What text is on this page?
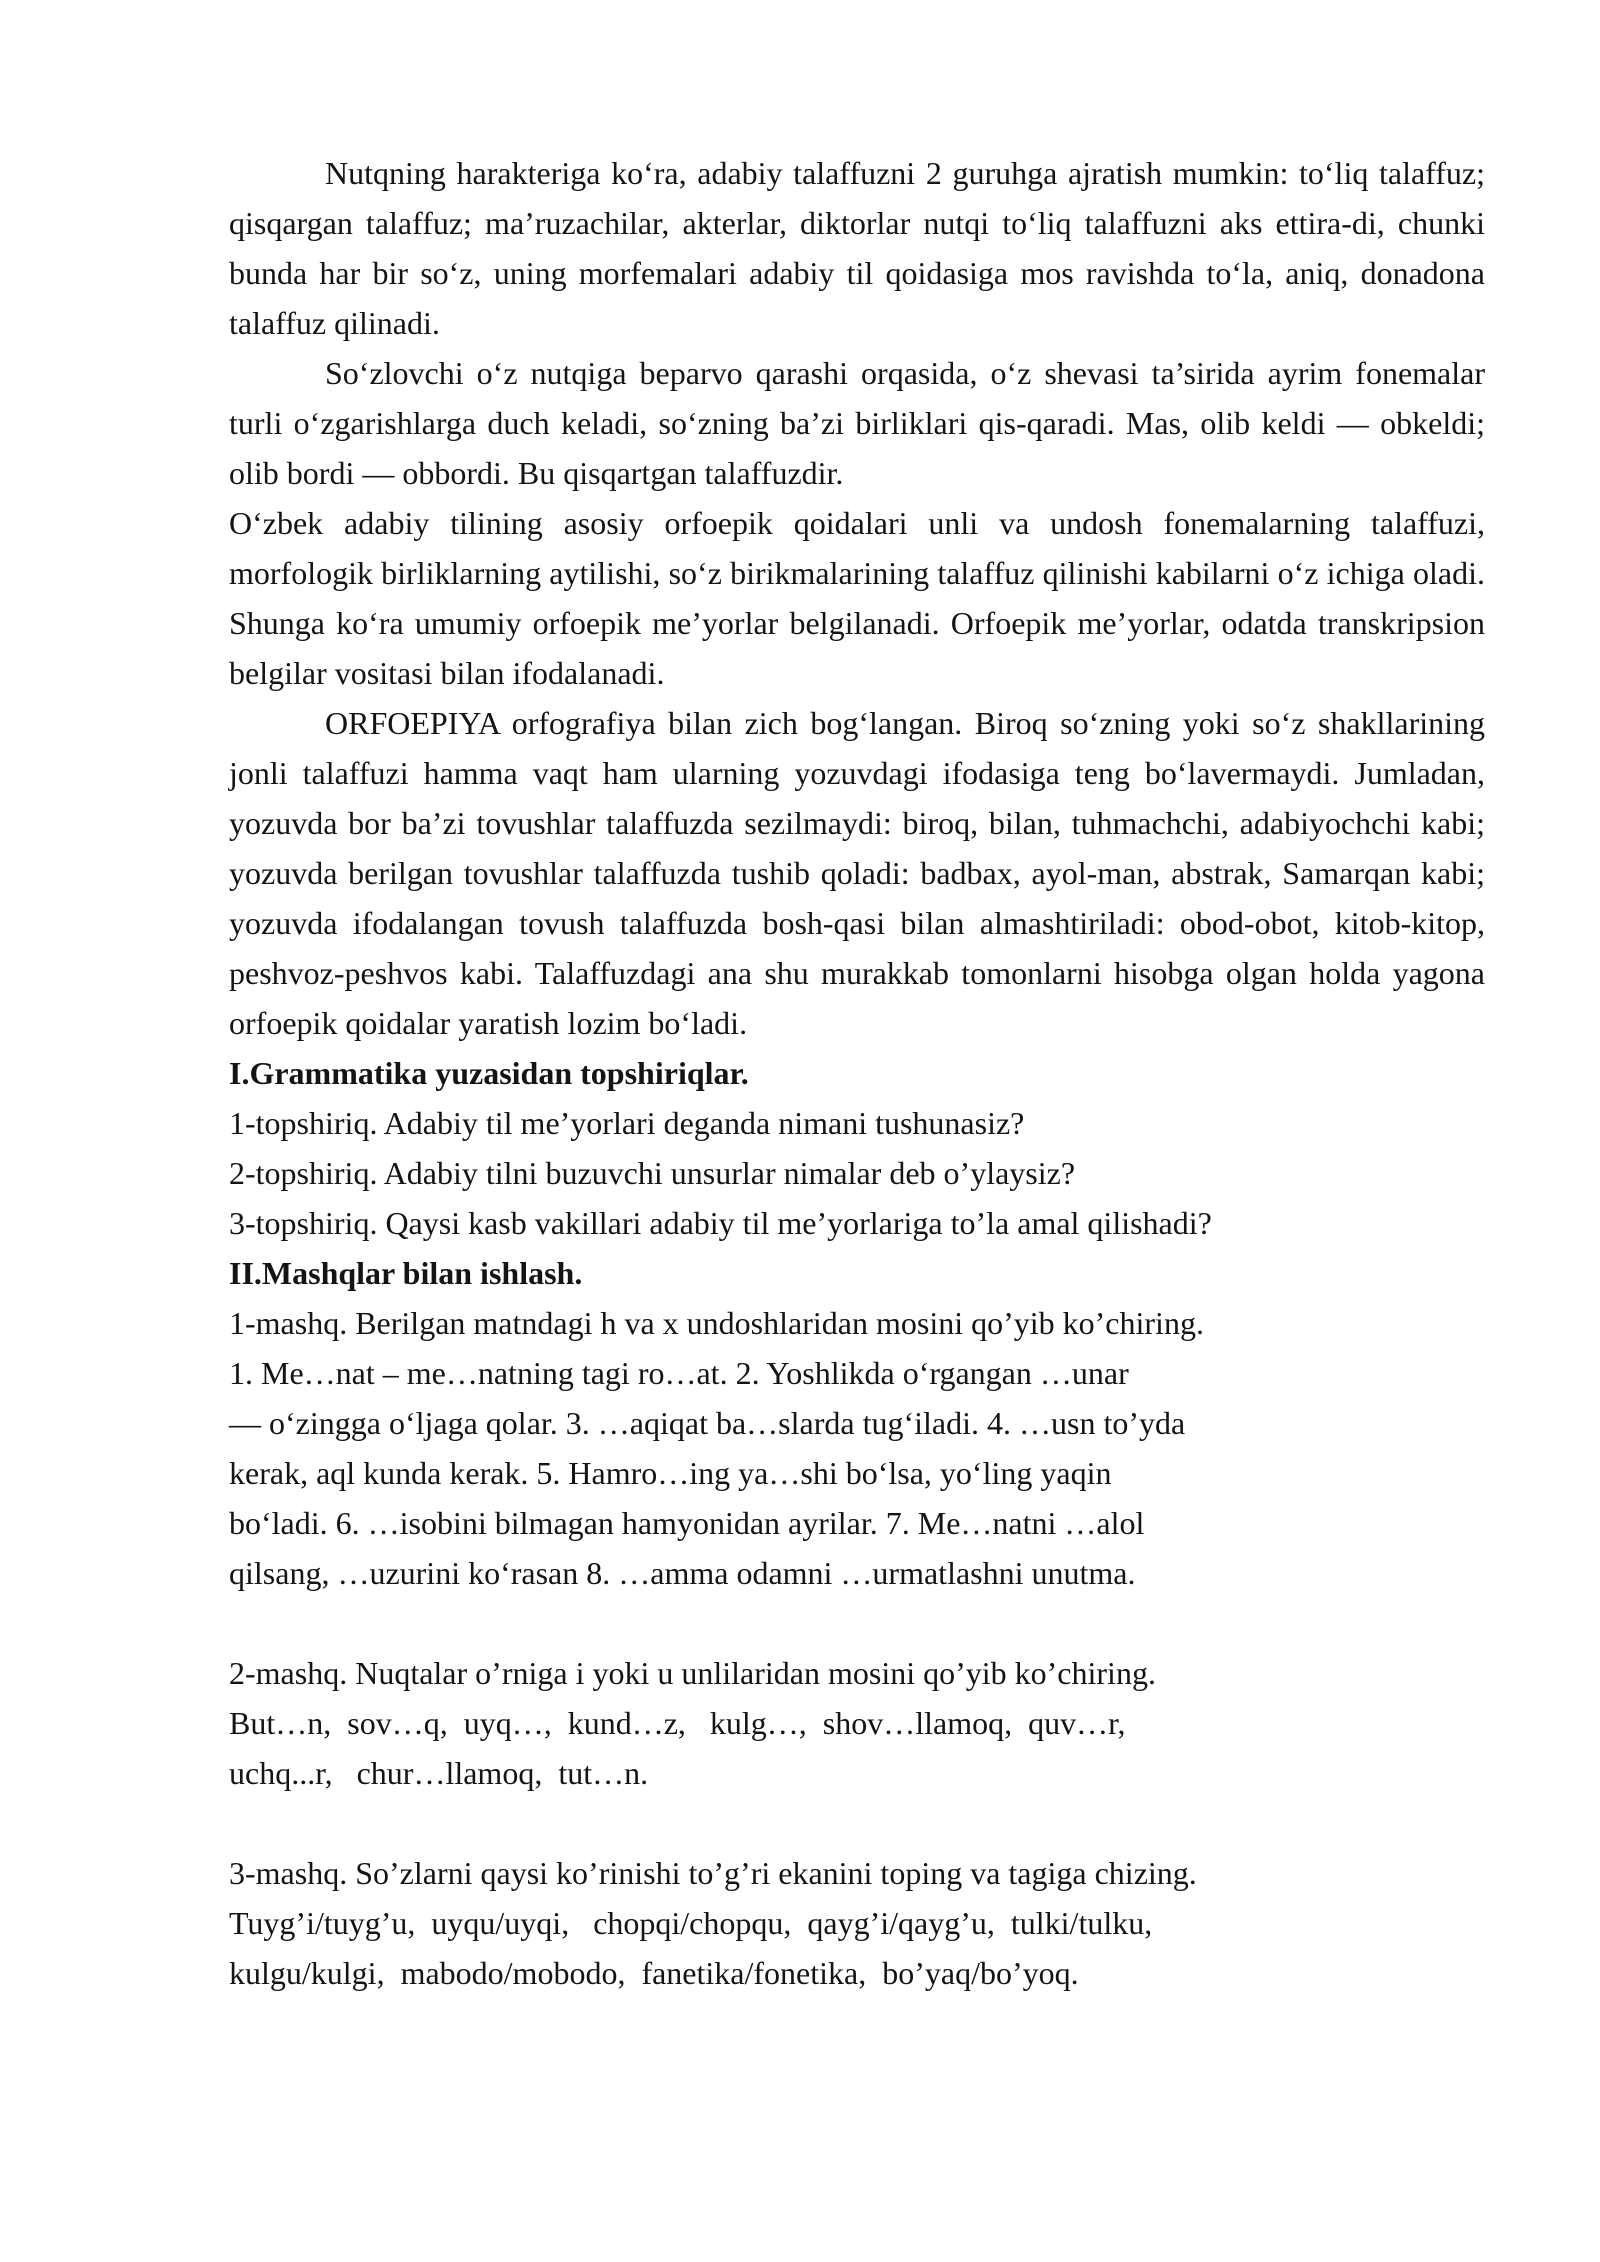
Nutqning harakteriga ko‘ra, adabiy talaffuzni 2 guruhga ajratish mumkin: to‘liq talaffuz; qisqargan talaffuz; ma’ruzachilar, akterlar, diktorlar nutqi to‘liq talaffuzni aks ettira-di, chunki bunda har bir so‘z, uning morfemalari adabiy til qoidasiga mos ravishda to‘la, aniq, donadona talaffuz qilinadi.

So‘zlovchi o‘z nutqiga beparvo qarashi orqasida, o‘z shevasi ta’sirida ayrim fonemalar turli o‘zgarishlarga duch keladi, so‘zning ba’zi birliklari qis-qaradi. Mas, olib keldi — obkeldi; olib bordi — obbordi. Bu qisqartgan talaffuzdir.

O‘zbek adabiy tilining asosiy orfoepik qoidalari unli va undosh fonemalarning talaffuzi, morfologik birliklarning aytilishi, so‘z birikmalarining talaffuz qilinishi kabilarni o‘z ichiga oladi. Shunga ko‘ra umumiy orfoepik me’yorlar belgilanadi. Orfoepik me’yorlar, odatda transkripsion belgilar vositasi bilan ifodalanadi.

ORFOEPIYA orfografiya bilan zich bog‘langan. Biroq so‘zning yoki so‘z shakllarining jonli talaffuzi hamma vaqt ham ularning yozuvdagi ifodasiga teng bo‘lavermaydi. Jumladan, yozuvda bor ba’zi tovushlar talaffuzda sezilmaydi: biroq, bilan, tuhmachchi, adabiyochchi kabi; yozuvda berilgan tovushlar talaffuzda tushib qoladi: badbax, ayol-man, abstrak, Samarqan kabi; yozuvda ifodalangan tovush talaffuzda bosh-qasi bilan almashtiriladi: obod-obot, kitob-kitop, peshvoz-peshvos kabi. Talaffuzdagi ana shu murakkab tomonlarni hisobga olgan holda yagona orfoepik qoidalar yaratish lozim bo‘ladi.

I.Grammatika yuzasidan topshiriqlar.

1-topshiriq. Adabiy til me’yorlari deganda nimani tushunasiz?

2-topshiriq. Adabiy tilni buzuvchi unsurlar nimalar deb o’ylaysiz?

3-topshiriq. Qaysi kasb vakillari adabiy til me’yorlariga to’la amal qilishadi?

II.Mashqlar bilan ishlash.

1-mashq. Berilgan matndagi h va x undoshlaridan mosini qo’yib ko’chiring.

1. Me…nat – me…natning tagi ro…at. 2. Yoshlikda o‘rgangan …unar

— o‘zingga o‘ljaga qolar. 3. …aqiqat ba…slarda tug‘iladi. 4. …usn to’yda

kerak, aql kunda kerak. 5. Hamro…ing ya…shi bo‘lsa, yo‘ling yaqin

bo‘ladi. 6. …isobini bilmagan hamyonidan ayrilar. 7. Me…natni …alol

qilsang, …uzurini ko‘rasan 8. …amma odamni …urmatlashni unutma.

2-mashq. Nuqtalar o’rniga i yoki u unlilaridan mosini qo’yib ko’chiring.

But…n,  sov…q,  uyq…,  kund…z,   kulg…,  shov…llamoq,  quv…r,

uchq...r,   chur…llamoq,  tut…n.

3-mashq. So’zlarni qaysi ko’rinishi to’g’ri ekanini toping va tagiga chizing.

Tuyg’i/tuyg’u,  uyqu/uyqi,   chopqi/chopqu,  qayg’i/qayg’u,  tulki/tulku,

kulgu/kulgi,  mabodo/mobodo,  fanetika/fonetika,  bo’yaq/bo’yoq.
